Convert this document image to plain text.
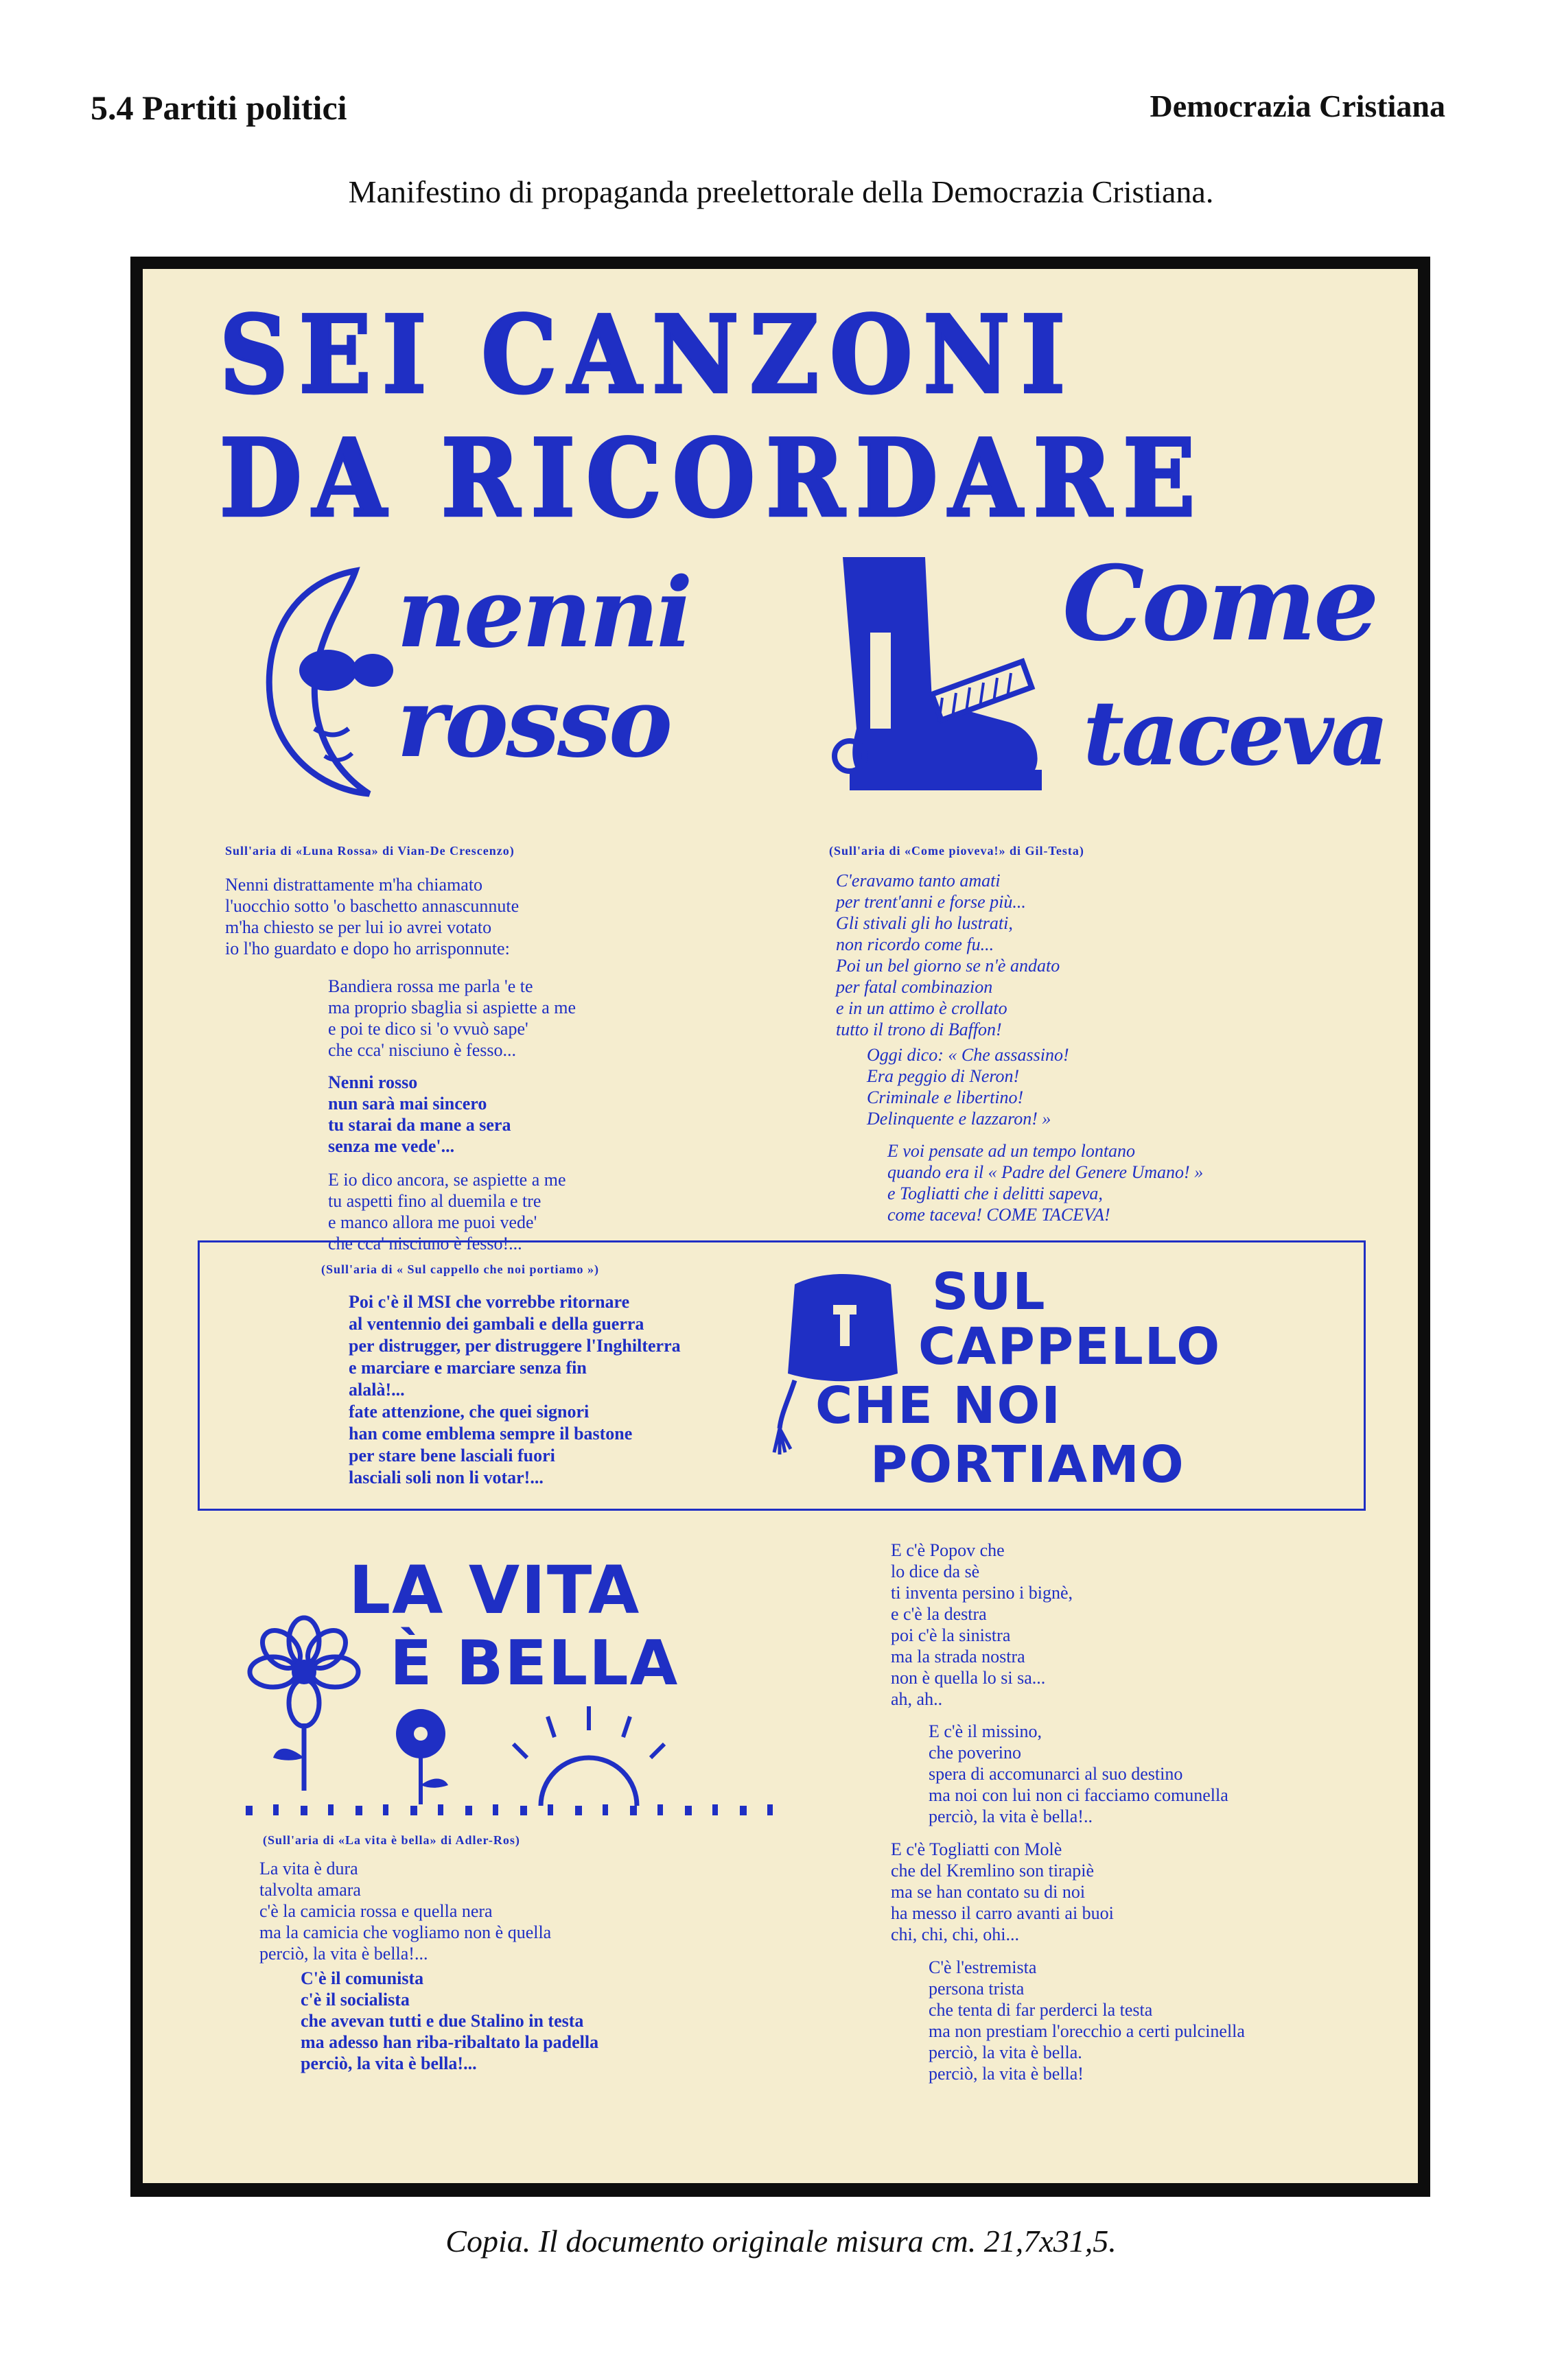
5.4 Partiti politici	Democrazia Cristiana
Manifestino di propaganda preelettorale della Democrazia Cristiana.
SEI CANZONI
DA RICORDARE
nenni
rosso
Sull'aria di «Luna Rossa» di Vian-De Crescenzo)
Nenni distrattamente m'ha chiamato
l'uocchio sotto 'o baschetto annascunnute
m'ha chiesto se per lui io avrei votato
io l'ho guardato e dopo ho arrisponnute:
Bandiera rossa me parla 'e te
ma proprio sbaglia si aspiette a me
e poi te dico si 'o vvuò sape'
che cca' nisciuno è fesso...
Nenni rosso
nun sarà mai sincero
tu starai da mane a sera
senza me vede'...
E io dico ancora, se aspiette a me
tu aspetti fino al duemila e tre
e manco allora me puoi vede'
che cca' nisciuno è fesso!...
Come
taceva
(Sull'aria di «Come pioveva!» di Gil-Testa)
C'eravamo tanto amati
per trent'anni e forse più...
Gli stivali gli ho lustrati,
non ricordo come fu...
Poi un bel giorno se n'è andato
per fatal combinazion
e in un attimo è crollato
tutto il trono di Baffon!
Oggi dico: « Che assassino!
Era peggio di Neron!
Criminale e libertino!
Delinquente e lazzaron! »
E voi pensate ad un tempo lontano
quando era il « Padre del Genere Umano! »
e Togliatti che i delitti sapeva,
come taceva! COME TACEVA!
(Sull'aria di « Sul cappello che noi portiamo »)
Poi c'è il MSI che vorrebbe ritornare
al ventennio dei gambali e della guerra
per distrugger, per distruggere l'Inghilterra
e marciare e marciare senza fin
alalà!...
fate attenzione, che quei signori
han come emblema sempre il bastone
per stare bene lasciali fuori
lasciali soli non li votar!...
SUL
CAPPELLO
CHE NOI
PORTIAMO
LA VITA
È BELLA
(Sull'aria di «La vita è bella» di Adler-Ros)
La vita è dura
talvolta amara
c'è la camicia rossa e quella nera
ma la camicia che vogliamo non è quella
perciò, la vita è bella!...
C'è il comunista
c'è il socialista
che avevan tutti e due Stalino in testa
ma adesso han riba-ribaltato la padella
perciò, la vita è bella!...
E c'è Popov che
lo dice da sè
ti inventa persino i bignè,
e c'è la destra
poi c'è la sinistra
ma la strada nostra
non è quella lo si sa...
ah, ah..
E c'è il missino,
che poverino
spera di accomunarci al suo destino
ma noi con lui non ci facciamo comunella
perciò, la vita è bella!..
E c'è Togliatti con Molè
che del Kremlino son tirapiè
ma se han contato su di noi
ha messo il carro avanti ai buoi
chi, chi, chi, ohi...
C'è l'estremista
persona trista
che tenta di far perderci la testa
ma non prestiam l'orecchio a certi pulcinella
perciò, la vita è bella.
perciò, la vita è bella!
Copia. Il documento originale misura cm. 21,7x31,5.
